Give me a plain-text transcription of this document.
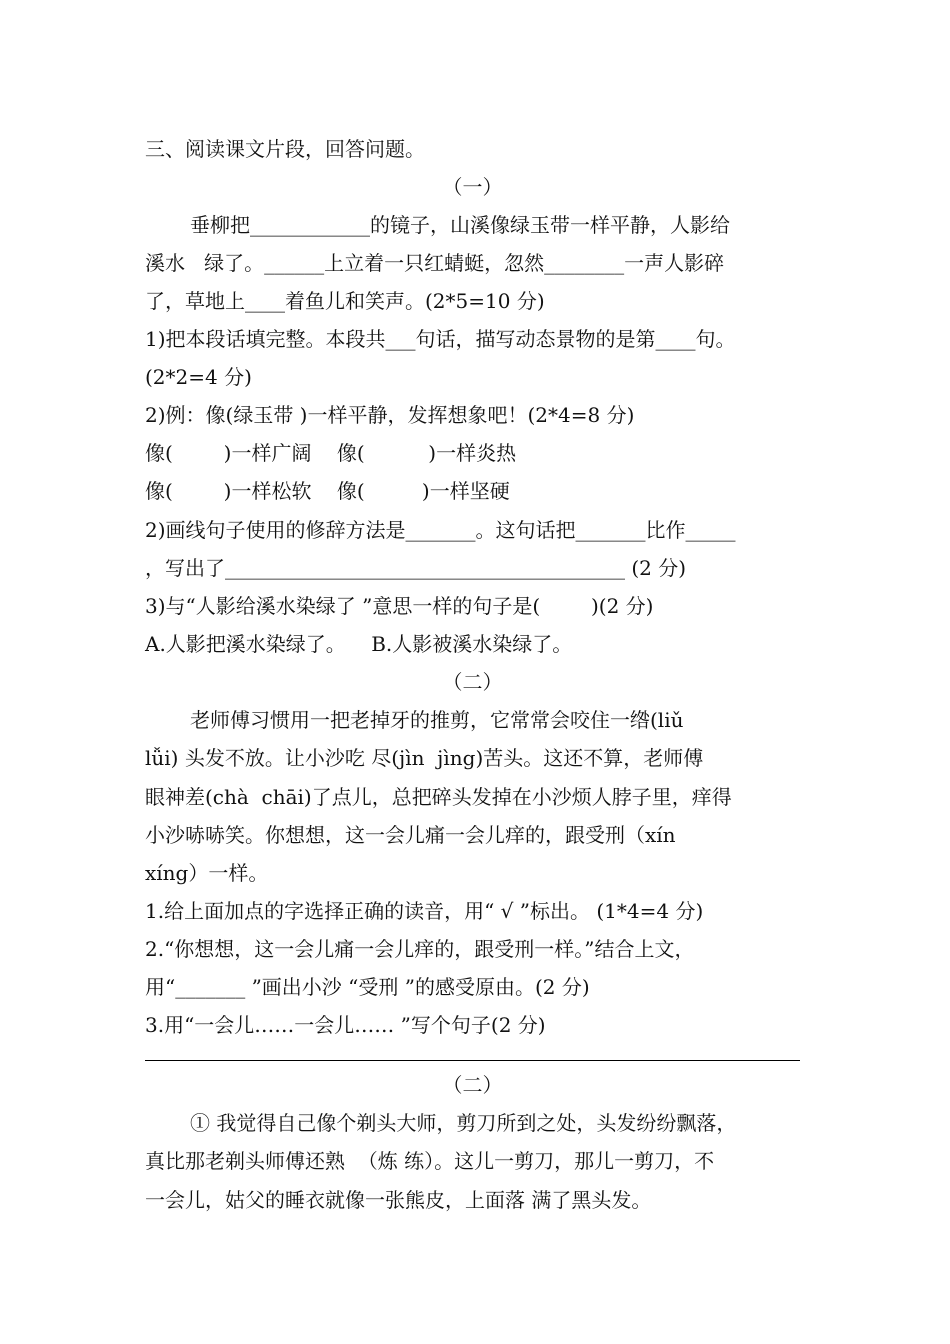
三、阅读课文片段，回答问题。
（一）
垂柳把____________的镜子，山溪像绿玉带一样平静，人影给
溪水   绿了。______上立着一只红蜻蜓，忽然________一声人影碎
了，草地上____着鱼儿和笑声。(2*5=10 分)
1)把本段话填完整。本段共___句话，描写动态景物的是第____句。
(2*2=4 分)
2)例：像(绿玉带 )一样平静，发挥想象吧！(2*4=8 分)
像(        )一样广阔    像(          )一样炎热
像(        )一样松软    像(         )一样坚硬
2)画线句子使用的修辞方法是_______。这句话把_______比作_____
，写出了________________________________________ (2 分)
3)与“人影给溪水染绿了 ”意思一样的句子是(        )(2 分)
A.人影把溪水染绿了。    B.人影被溪水染绿了。
（二）
老师傅习惯用一把老掉牙的推剪，它常常会咬住一绺(liǔ
lǚi) 头发不放。让小沙吃 尽(jìn  jìng)苦头。这还不算，老师傅
眼神差(chà  chāi)了点儿，总把碎头发掉在小沙烦人脖子里，痒得
小沙哧哧笑。你想想，这一会儿痛一会儿痒的，跟受刑（xín
xíng）一样。
1.给上面加点的字选择正确的读音，用“ √ ”标出。 (1*4=4 分)
2.“你想想，这一会儿痛一会儿痒的，跟受刑一样。”结合上文，
用“_______ ”画出小沙 “受刑 ”的感受原由。(2 分)
3.用“一会儿……一会儿…… ”写个句子(2 分)
（二）
① 我觉得自己像个剃头大师，剪刀所到之处，头发纷纷飘落，
真比那老剃头师傅还熟  （炼 练）。这儿一剪刀，那儿一剪刀，不
一会儿，姑父的睡衣就像一张熊皮，上面落 满了黑头发。
